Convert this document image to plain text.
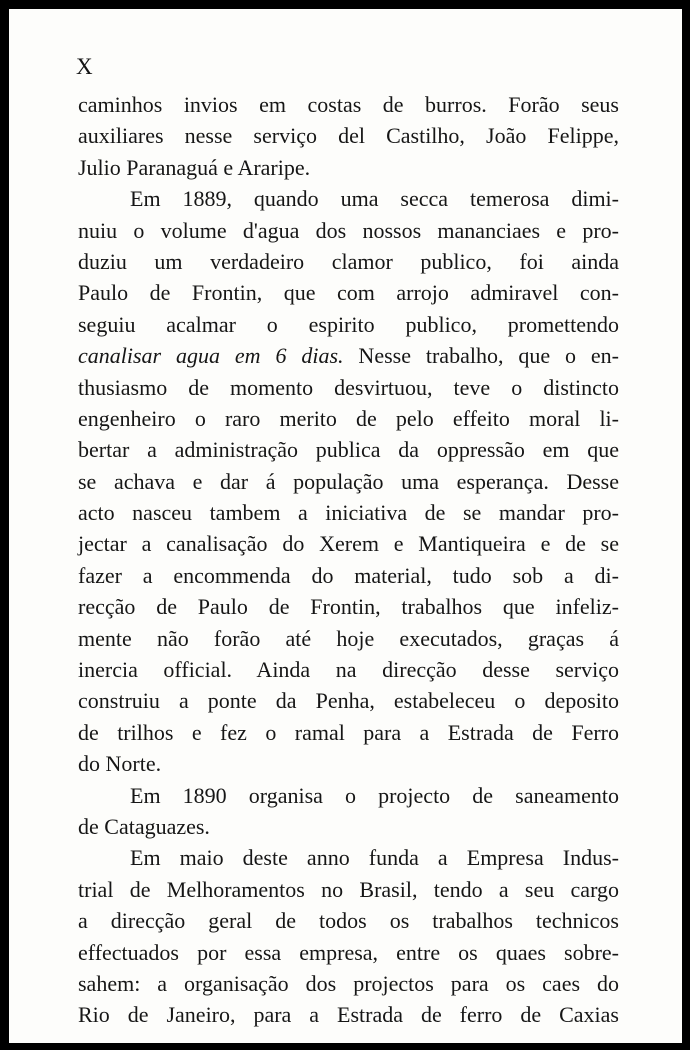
X
caminhos invios em costas de burros. Forão seus
auxiliares nesse serviço del Castilho, João Felippe,
Julio Paranaguá e Araripe.
Em 1889, quando uma secca temerosa dimi-
nuiu o volume d'agua dos nossos mananciaes e pro-
duziu um verdadeiro clamor publico, foi ainda
Paulo de Frontin, que com arrojo admiravel con-
seguiu acalmar o espirito publico, promettendo
canalisar agua em 6 dias. Nesse trabalho, que o en-
thusiasmo de momento desvirtuou, teve o distincto
engenheiro o raro merito de pelo effeito moral li-
bertar a administração publica da oppressão em que
se achava e dar á população uma esperança. Desse
acto nasceu tambem a iniciativa de se mandar pro-
jectar a canalisação do Xerem e Mantiqueira e de se
fazer a encommenda do material, tudo sob a di-
recção de Paulo de Frontin, trabalhos que infeliz-
mente não forão até hoje executados, graças á
inercia official. Ainda na direcção desse serviço
construiu a ponte da Penha, estabeleceu o deposito
de trilhos e fez o ramal para a Estrada de Ferro
do Norte.
Em 1890 organisa o projecto de saneamento
de Cataguazes.
Em maio deste anno funda a Empresa Indus-
trial de Melhoramentos no Brasil, tendo a seu cargo
a direcção geral de todos os trabalhos technicos
effectuados por essa empresa, entre os quaes sobre-
sahem: a organisação dos projectos para os caes do
Rio de Janeiro, para a Estrada de ferro de Caxias
